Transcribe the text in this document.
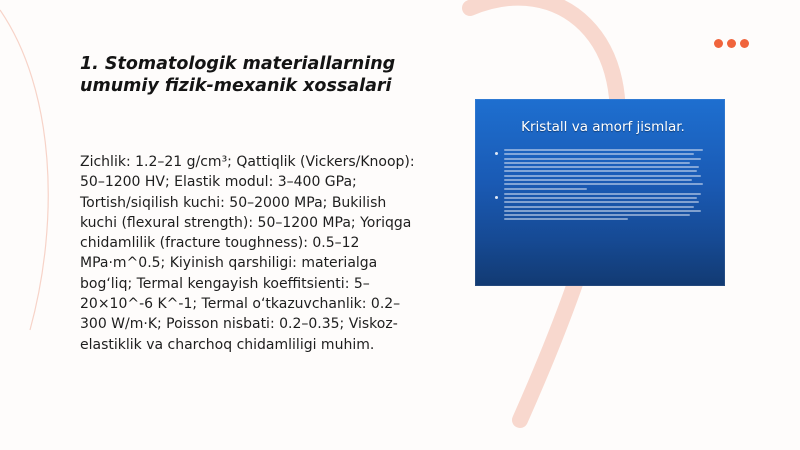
1. Stomatologik materiallarning umumiy fizik-mexanik xossalari
Zichlik: 1.2–21 g/cm³; Qattiqlik (Vickers/Knoop): 50–1200 HV; Elastik modul: 3–400 GPa; Tortish/siqilish kuchi: 50–2000 MPa; Bukilish kuchi (flexural strength): 50–1200 MPa; Yoriqga chidamlilik (fracture toughness): 0.5–12 MPa·m^0.5; Kiyinish qarshiligi: materialga bog‘liq; Termal kengayish koeffitsienti: 5–20×10^-6 K^-1; Termal o‘tkazuvchanlik: 0.2–300 W/m·K; Poisson nisbati: 0.2–0.35; Viskoz-elastiklik va charchoq chidamliligi muhim.
Kristall va amorf jismlar.
